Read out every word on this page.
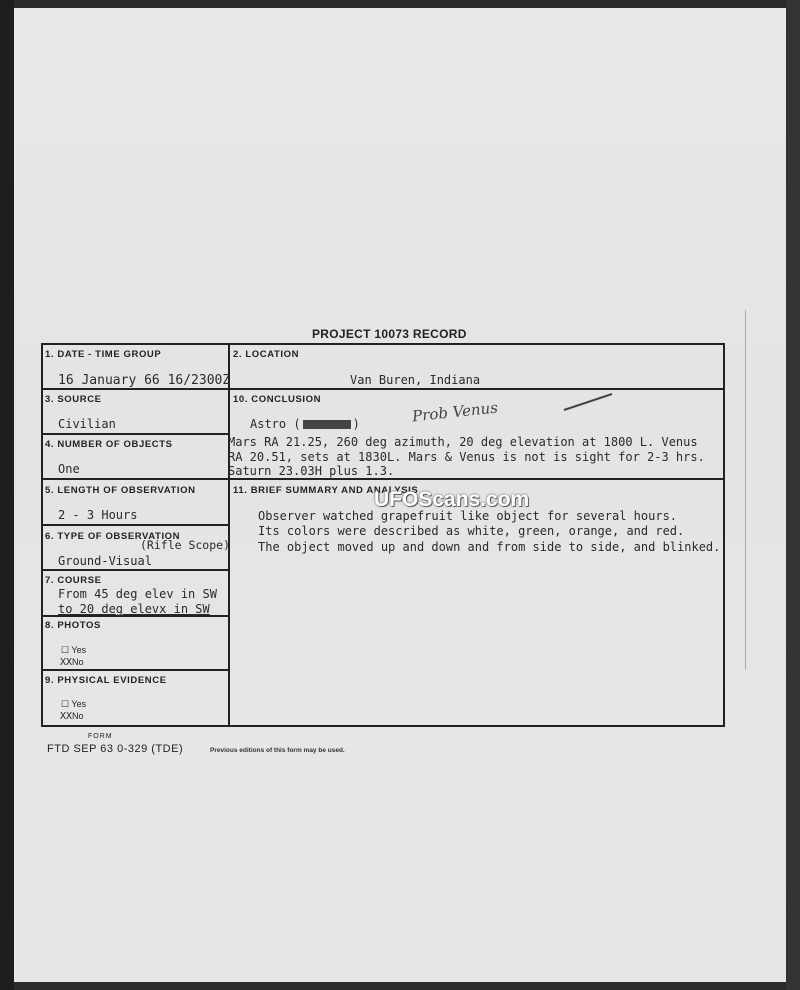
PROJECT 10073 RECORD
1. DATE - TIME GROUP
16 January 66 16/2300Z
2. LOCATION
Van Buren, Indiana
3. SOURCE
Civilian
4. NUMBER OF OBJECTS
One
5. LENGTH OF OBSERVATION
2 - 3 Hours
6. TYPE OF OBSERVATION
(Rifle Scope)
Ground-Visual
7. COURSE
From 45 deg elev in SW
to 20 deg elevx in SW
8. PHOTOS
☐ Yes
XXNo
9. PHYSICAL EVIDENCE
☐ Yes
XXNo
10. CONCLUSION
Astro (	)	Prob Venus
Mars RA 21.25, 260 deg azimuth, 20 deg elevation at 1800 L. Venus
RA 20.51, sets at 1830L. Mars & Venus is not is sight for 2-3 hrs.
Saturn 23.03H plus 1.3.
11. BRIEF SUMMARY AND ANALYSIS
UFOScans.com
Observer watched grapefruit like object for several hours.
Its colors were described as white, green, orange, and red.
The object moved up and down and from side to side, and blinked.
FORM
FTD SEP 63 0-329 (TDE)	Previous editions of this form may be used.
